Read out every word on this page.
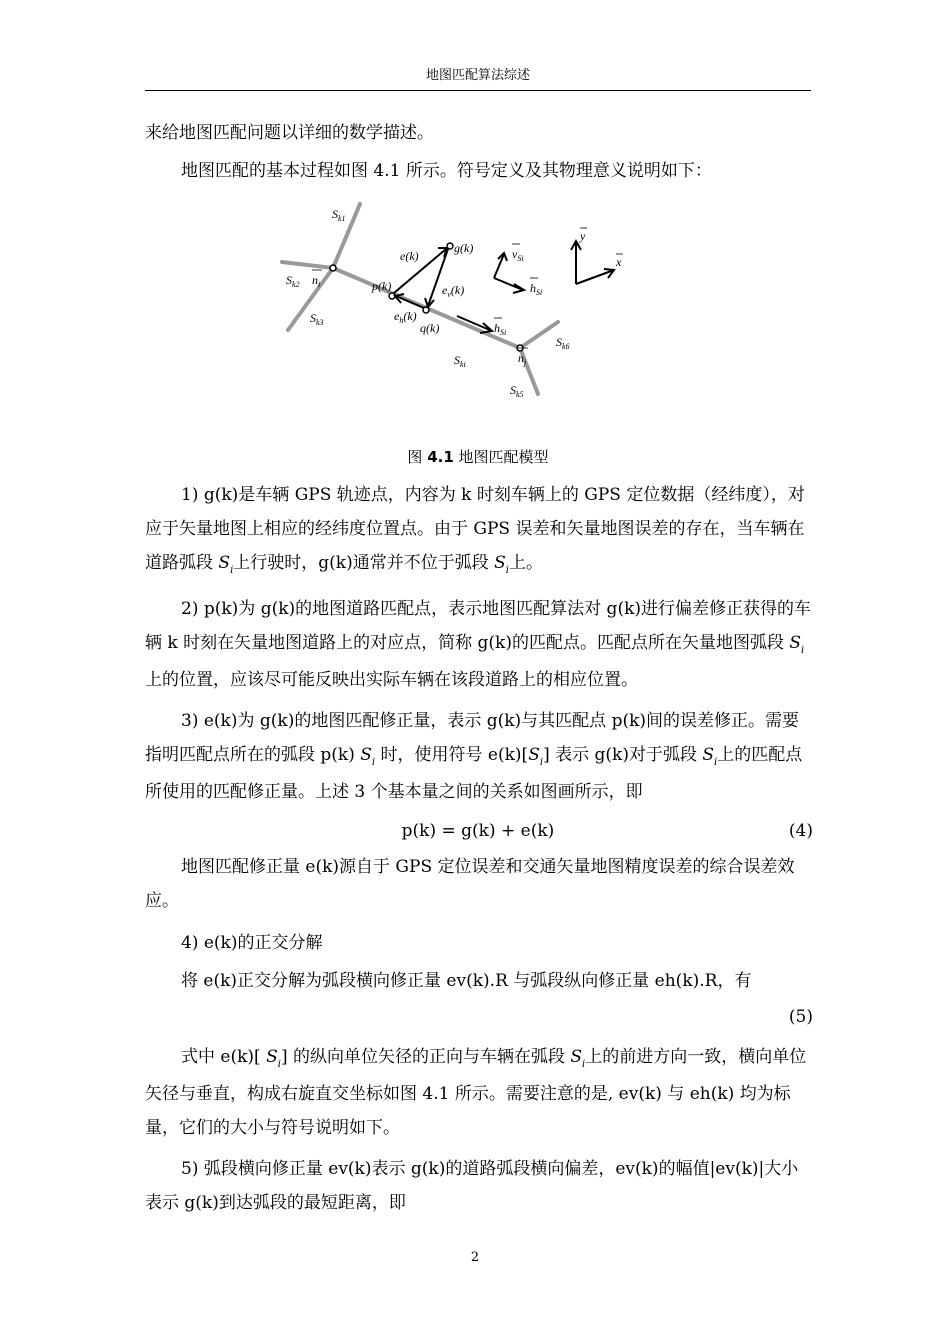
地图匹配算法综述

来给地图匹配问题以详细的数学描述。

地图匹配的基本过程如图 4.1 所示。符号定义及其物理意义说明如下：

$S_{k1}$
$S_{k2}$
$S_{k3}$
$n_i$
e(k)
g(k)
p(k)	$e_v(k)$
$e_h(k)$
q(k)
$v_{Si}$
$h_{Si}$
$h_{Si}$
y
x
$S_{ki}$	$n_j$
$S_{k6}$
$S_{k5}$
图 4.1 地图匹配模型

1) g(k)是车辆 GPS 轨迹点，内容为 k 时刻车辆上的 GPS 定位数据（经纬度），对应于矢量地图上相应的经纬度位置点。由于 GPS 误差和矢量地图误差的存在，当车辆在道路弧段 $S_i$上行驶时，g(k)通常并不位于弧段 $S_i$上。

2) p(k)为 g(k)的地图道路匹配点，表示地图匹配算法对 g(k)进行偏差修正获得的车辆 k 时刻在矢量地图道路上的对应点，简称 g(k)的匹配点。匹配点所在矢量地图弧段 $S_i$上的位置，应该尽可能反映出实际车辆在该段道路上的相应位置。

3) e(k)为 g(k)的地图匹配修正量，表示 g(k)与其匹配点 p(k)间的误差修正。需要指明匹配点所在的弧段 p(k) $S_i$ 时，使用符号 $e(k)[S_i]$ 表示 g(k)对于弧段 $S_i$上的匹配点所使用的匹配修正量。上述 3 个基本量之间的关系如图画所示，即

p(k) = g(k) + e(k)	(4)

地图匹配修正量 e(k)源自于 GPS 定位误差和交通矢量地图精度误差的综合误差效应。

4) e(k)的正交分解

将 e(k)正交分解为弧段横向修正量 ev(k).R 与弧段纵向修正量 eh(k).R，有

(5)

式中 e(k)[ $S_i$] 的纵向单位矢径的正向与车辆在弧段 $S_i$上的前进方向一致，横向单位矢径与垂直，构成右旋直交坐标如图 4.1 所示。需要注意的是, ev(k) 与 eh(k) 均为标量，它们的大小与符号说明如下。

5) 弧段横向修正量 ev(k)表示 g(k)的道路弧段横向偏差，ev(k)的幅值|ev(k)|大小表示 g(k)到达弧段的最短距离，即

2
